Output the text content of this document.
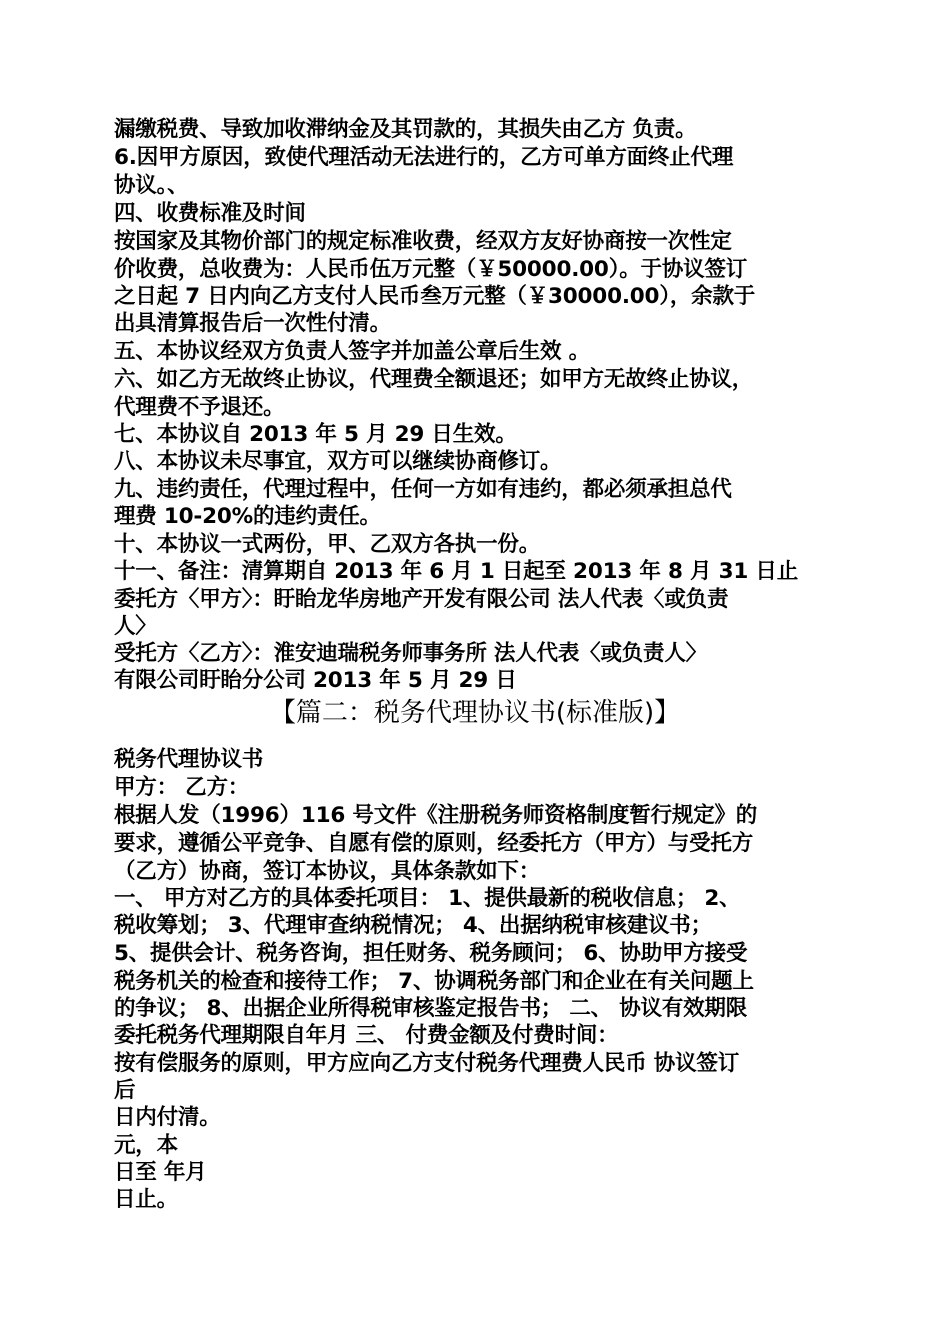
漏缴税费、导致加收滞纳金及其罚款的，其损失由乙方 负责。
6.因甲方原因，致使代理活动无法进行的，乙方可单方面终止代理
协议。、
四、收费标准及时间
按国家及其物价部门的规定标准收费，经双方友好协商按一次性定
价收费，总收费为：人民币伍万元整（￥50000.00）。于协议签订
之日起 7 日内向乙方支付人民币叁万元整（￥30000.00），余款于
出具清算报告后一次性付清。
五、本协议经双方负责人签字并加盖公章后生效 。
六、如乙方无故终止协议，代理费全额退还；如甲方无故终止协议，
代理费不予退还。
七、本协议自 2013 年 5 月 29 日生效。
八、本协议未尽事宜，双方可以继续协商修订。
九、违约责任，代理过程中，任何一方如有违约，都必须承担总代
理费 10-20%的违约责任。
十、本协议一式两份，甲、乙双方各执一份。
十一、备注：清算期自 2013 年 6 月 1 日起至 2013 年 8 月 31 日止
委托方〈甲方〉：盱眙龙华房地产开发有限公司 法人代表〈或负责
人〉
受托方〈乙方〉：淮安迪瑞税务师事务所 法人代表〈或负责人〉
有限公司盱眙分公司 2013 年 5 月 29 日
【篇二：税务代理协议书(标准版)】
税务代理协议书
甲方： 乙方：
根据人发（1996）116 号文件《注册税务师资格制度暂行规定》的
要求，遵循公平竞争、自愿有偿的原则，经委托方（甲方）与受托方
（乙方）协商，签订本协议，具体条款如下：
一、 甲方对乙方的具体委托项目： 1、提供最新的税收信息； 2、
税收筹划； 3、代理审查纳税情况； 4、出据纳税审核建议书；
5、提供会计、税务咨询，担任财务、税务顾问； 6、协助甲方接受
税务机关的检查和接待工作； 7、协调税务部门和企业在有关问题上
的争议； 8、出据企业所得税审核鉴定报告书； 二、 协议有效期限
委托税务代理期限自年月 三、 付费金额及付费时间：
按有偿服务的原则，甲方应向乙方支付税务代理费人民币 协议签订
后
日内付清。
元，本
日至 年月
日止。
